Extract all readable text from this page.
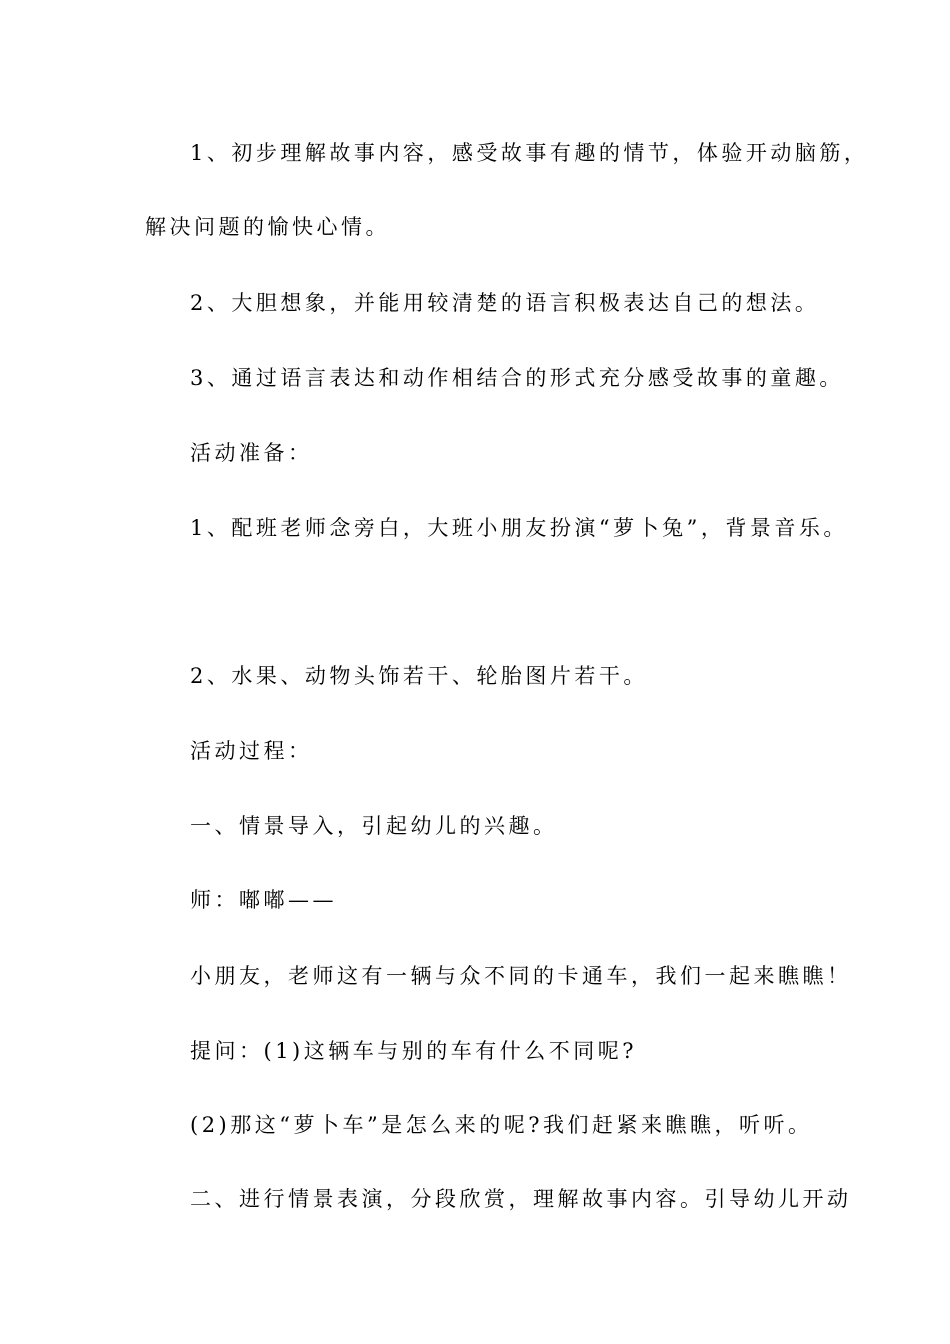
1、初步理解故事内容，感受故事有趣的情节，体验开动脑筋，
解决问题的愉快心情。
2、大胆想象，并能用较清楚的语言积极表达自己的想法。
3、通过语言表达和动作相结合的形式充分感受故事的童趣。
活动准备：
1、配班老师念旁白，大班小朋友扮演“萝卜兔”，背景音乐。
2、水果、动物头饰若干、轮胎图片若干。
活动过程：
一、情景导入，引起幼儿的兴趣。
师：嘟嘟——
小朋友，老师这有一辆与众不同的卡通车，我们一起来瞧瞧！
提问：(1)这辆车与别的车有什么不同呢?
(2)那这“萝卜车”是怎么来的呢?我们赶紧来瞧瞧，听听。
二、进行情景表演，分段欣赏，理解故事内容。引导幼儿开动
